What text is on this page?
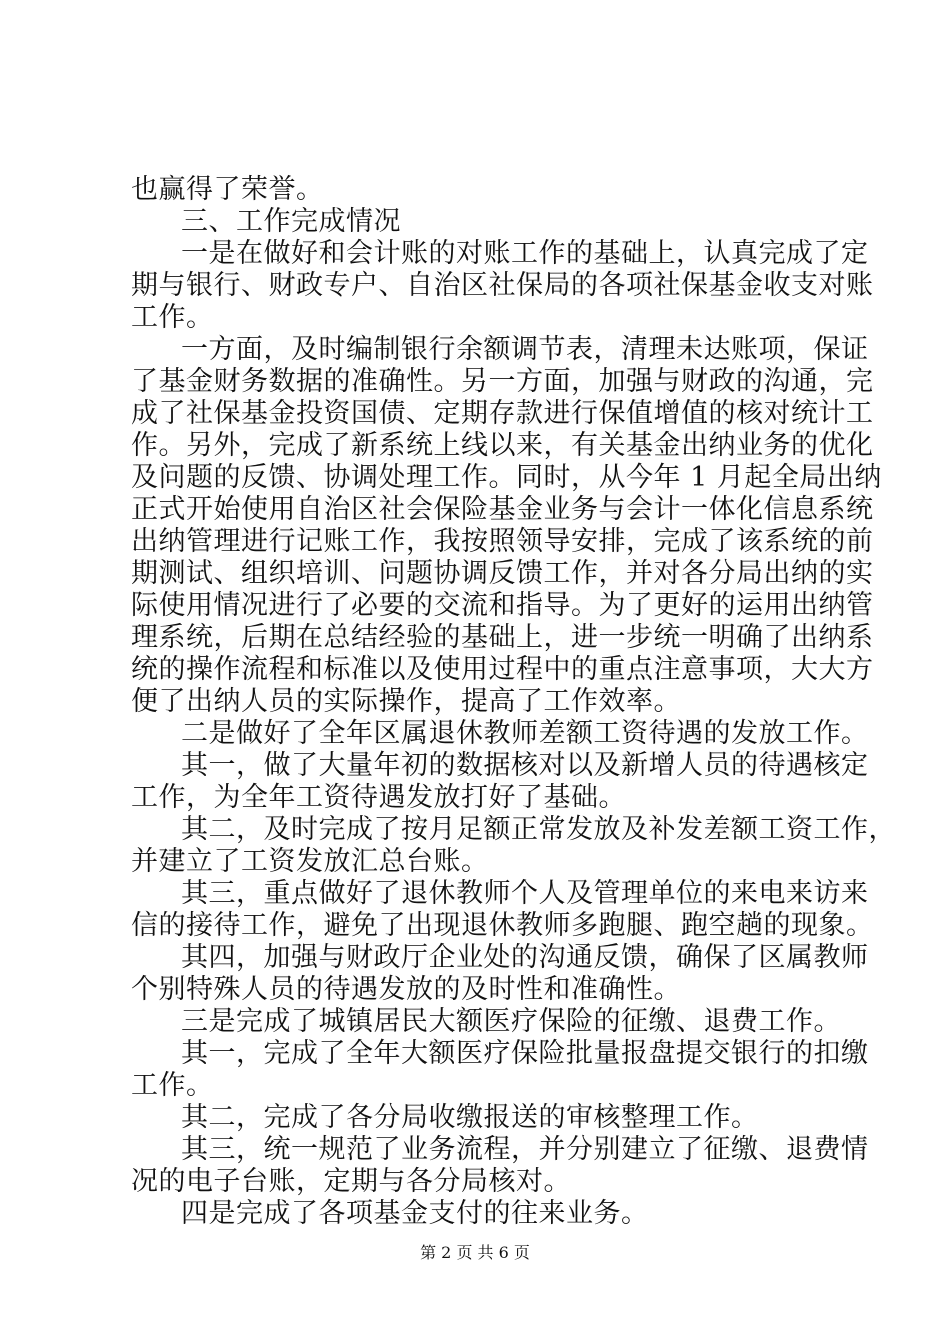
也赢得了荣誉。
三、工作完成情况
一是在做好和会计账的对账工作的基础上，认真完成了定
期与银行、财政专户、自治区社保局的各项社保基金收支对账
工作。
一方面，及时编制银行余额调节表，清理未达账项，保证
了基金财务数据的准确性。另一方面，加强与财政的沟通，完
成了社保基金投资国债、定期存款进行保值增值的核对统计工
作。另外，完成了新系统上线以来，有关基金出纳业务的优化
及问题的反馈、协调处理工作。同时，从今年 1 月起全局出纳
正式开始使用自治区社会保险基金业务与会计一体化信息系统
出纳管理进行记账工作，我按照领导安排，完成了该系统的前
期测试、组织培训、问题协调反馈工作，并对各分局出纳的实
际使用情况进行了必要的交流和指导。为了更好的运用出纳管
理系统，后期在总结经验的基础上，进一步统一明确了出纳系
统的操作流程和标准以及使用过程中的重点注意事项，大大方
便了出纳人员的实际操作，提高了工作效率。
二是做好了全年区属退休教师差额工资待遇的发放工作。
其一，做了大量年初的数据核对以及新增人员的待遇核定
工作，为全年工资待遇发放打好了基础。
其二，及时完成了按月足额正常发放及补发差额工资工作，
并建立了工资发放汇总台账。
其三，重点做好了退休教师个人及管理单位的来电来访来
信的接待工作，避免了出现退休教师多跑腿、跑空趟的现象。
其四，加强与财政厅企业处的沟通反馈，确保了区属教师
个别特殊人员的待遇发放的及时性和准确性。
三是完成了城镇居民大额医疗保险的征缴、退费工作。
其一，完成了全年大额医疗保险批量报盘提交银行的扣缴
工作。
其二，完成了各分局收缴报送的审核整理工作。
其三，统一规范了业务流程，并分别建立了征缴、退费情
况的电子台账，定期与各分局核对。
四是完成了各项基金支付的往来业务。
第 2 页 共 6 页
